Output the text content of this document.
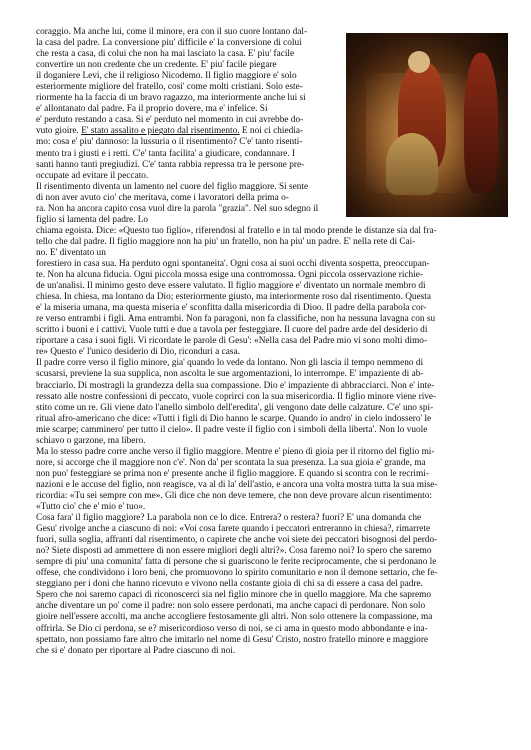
coraggio. Ma anche lui, come il minore, era con il suo cuore lontano dal-
la casa del padre. La conversione piu' difficile e' la conversione di colui
che resta a casa, di colui che non ha mai lasciato la casa. E' piu' facile
convertire un non credente che un credente. E' piu' facile piegare
il doganiere Levi, che il religioso Nicodemo. Il figlio maggiore e' solo
esteriormente migliore del fratello, cosi' come molti cristiani. Solo este-
riormente ha la faccia di un bravo ragazzo, ma interiormente anche lui si
e' allontanato dal padre. Fa il proprio dovere, ma e' infelice. Si

e' perduto restando a casa. Si e' perduto nel momento in cui avrebbe do-
vuto gioire. E' stato assalito e piegato dal risentimento. E noi ci chiedia-
mo: cosa e' piu' dannoso: la lussuria o il risentimento? C'e' tanto risenti-
mento tra i giusti e i retti. C'e' tanta facilita' a giudicare, condannare. I
santi hanno tanti pregiudizi. C'e' tanta rabbia repressa tra le persone pre-
occupate ad evitare il peccato.

Il risentimento diventa un lamento nel cuore del figlio maggiore. Si sente
di non aver avuto cio' che meritava, come i lavoratori della prima o-
ra. Non ha ancora capito cosa vuol dire la parola "grazia". Nel suo sdegno il figlio si lamenta del padre. Lo
chiama egoista. Dice: «Questo tuo figlio», riferendosi al fratello e in tal modo prende le distanze sia dal fra-
tello che dal padre. Il figlio maggiore non ha piu' un fratello, non ha piu' un padre. E' nella rete di Cai-
no. E' diventato un
forestiero in casa sua. Ha perduto ogni spontaneita'. Ogni cosa ai suoi occhi diventa sospetta, preoccupan-
te. Non ha alcuna fiducia. Ogni piccola mossa esige una contromossa. Ogni piccola osservazione richie-
de un'analisi. Il minimo gesto deve essere valutato. Il figlio maggiore e' diventato un normale membro di
chiesa. In chiesa, ma lontano da Dio; esteriormente giusto, ma interiormente roso dal risentimento. Questa
e' la miseria umana, ma questa miseria e' sconfitta dalla misericordia di Dioo. Il padre della parabola cor-
re verso entrambi i figli. Ama entrambi. Non fa paragoni, non fa classifiche, non ha nessuna lavagna con su
scritto i buoni e i cattivi. Vuole tutti e due a tavola per festeggiare. Il cuore del padre arde del desiderio di
riportare a casa i suoi figli. Vi ricordate le parole di Gesu': «Nella casa del Padre mio vi sono molti dimo-
re» Questo e' l'unico desiderio di Dio, riconduri a casa.

Il padre corre verso il figlio minore, gia' quando lo vede da lontano. Non gli lascia il tempo nemmeno di
scusarsi, previene la sua supplica, non ascolta le sue argomentazioni, lo interrompe. E' impaziente di ab-
bracciarlo. Di mostragli la grandezza della sua compassione. Dio e' impaziente di abbracciarci. Non e' inte-
ressato alle nostre confessioni di peccato, vuole coprirci con la sua misericordia. Il figlio minore viene rive-
stito come un re. Gli viene dato l'anello simbolo dell'eredita', gli vengono date delle calzature. C'e' uno spi-
ritual afro-americano che dice: «Tutti i figli di Dio hanno le scarpe. Quando io andro' in cielo indossero' le
mie scarpe; camminero' per tutto il cielo». Il padre veste il figlio con i simboli della liberta'. Non lo vuole
schiavo o garzone, ma libero.

Ma lo stesso padre corre anche verso il figlio maggiore. Mentre e' pieno di gioia per il ritorno del figlio mi-
nore, si accorge che il maggiore non c'e'. Non da' per scontata la sua presenza. La sua gioia e' grande, ma
non puo' festeggiare se prima non e' presente anche il figlio maggiore. E quando si scontra con le recrimi-
nazioni e le accuse del figlio, non reagisce, va al di la' dell'astio, e ancora una volta mostra tutta la sua mise-
ricordia: «Tu sei sempre con me». Gli dice che non deve temere, che non deve provare alcun risentimento:
«Tutto cio' che e' mio e' tuo».

Cosa fara' il figlio maggiore? La parabola non ce lo dice. Entrera? o restera? fuori? E' una domanda che
Gesu' rivolge anche a ciascuno di noi: «Voi cosa farete quando i peccatori entreranno in chiesa?, rimarrete
fuori, sulla soglia, affranti dal risentimento, o capirete che anche voi siete dei peccatori bisognosi del perdo-
no? Siete disposti ad ammettere di non essere migliori degli altri?». Cosa faremo noi? Io spero che saremo
sempre di piu' una comunita' fatta di persone che si guariscono le ferite reciprocamente, che si perdonano le
offese, che condividono i loro beni, che promuovono lo spirito comunitario e non il demone settario, che fe-
steggiano per i doni che hanno ricevuto e vivono nella costante gioia di chi sa di essere a casa del padre.
Spero che noi saremo capaci di riconoscerci sia nel figlio minore che in quello maggiore. Ma che sapremo
anche diventare un po' come il padre: non solo essere perdonati, ma anche capaci di perdonare. Non solo
gioire nell'essere accolti, ma anche accogliere festosamente gli altri. Non solo ottenere la compassione, ma
offrirla. Se Dio ci perdona, se e? misericordioso verso di noi, se ci ama in questo modo abbondante e ina-
spettato, non possiamo fare altro che imitarlo nel nome di Gesu' Cristo, nostro fratello minore e maggiore
che si e' donato per riportare al Padre ciascuno di noi.
